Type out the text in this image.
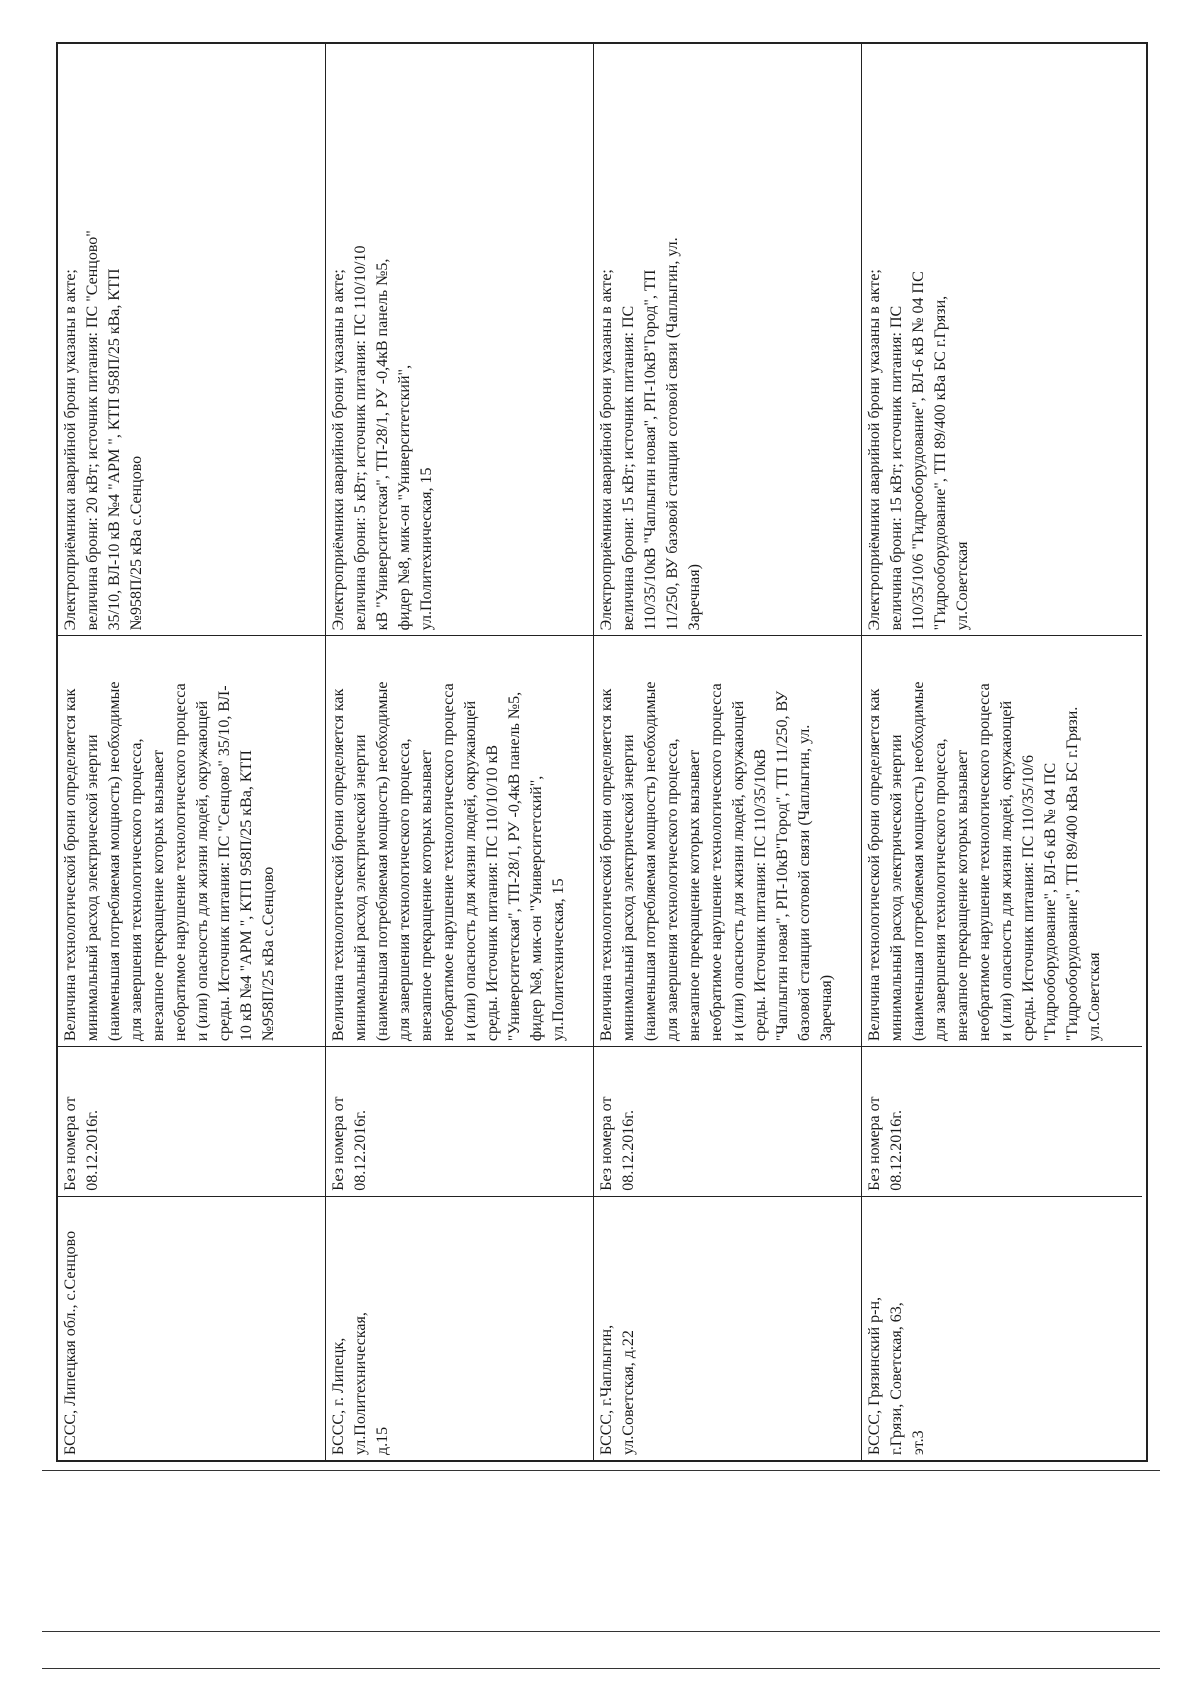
БССС, Липецкая обл., с.Сенцово
Без номера от
08.12.2016г.
Величина технологической брони определяется как
минимальный расход электрической энергии
(наименьшая потребляемая мощность) необходимые
для завершения технологического процесса,
внезапное прекращение которых вызывает
необратимое нарушение технологического процесса
и (или) опасность для жизни людей, окружающей
среды. Источник питания: ПС "Сенцово" 35/10, ВЛ-
10 кВ №4 "АРМ ", КТП 958П/25 кВа, КТП
№958П/25 кВа с.Сенцово
Электроприёмники аварийной брони указаны в акте;
величина брони: 20 кВт; источник питания: ПС "Сенцово"
35/10, ВЛ-10 кВ №4 "АРМ ", КТП 958П/25 кВа, КТП
№958П/25 кВа с.Сенцово
БССС, г. Липецк,
ул.Политехническая,
д.15
Без номера от
08.12.2016г.
Величина технологической брони определяется как
минимальный расход электрической энергии
(наименьшая потребляемая мощность) необходимые
для завершения технологического процесса,
внезапное прекращение которых вызывает
необратимое нарушение технологического процесса
и (или) опасность для жизни людей, окружающей
среды. Источник питания: ПС 110/10/10 кВ
"Университетская", ТП-28/1, РУ -0,4кВ панель №5,
фидер №8, мик-он "Университетский",
ул.Политехническая, 15
Электроприёмники аварийной брони указаны в акте;
величина брони: 5 кВт; источник питания: ПС 110/10/10
кВ "Университетская", ТП-28/1, РУ -0,4кВ панель №5,
фидер №8, мик-он "Университетский",
ул.Политехническая, 15
БССС, г.Чаплыгин,
ул.Советская, д.22
Без номера от
08.12.2016г.
Величина технологической брони определяется как
минимальный расход электрической энергии
(наименьшая потребляемая мощность) необходимые
для завершения технологического процесса,
внезапное прекращение которых вызывает
необратимое нарушение технологического процесса
и (или) опасность для жизни людей, окружающей
среды. Источник питания: ПС 110/35/10кВ
"Чаплыгин новая", РП-10кВ"Город", ТП 11/250, ВУ
базовой станции сотовой связи (Чаплыгин, ул.
Заречная)
Электроприёмники аварийной брони указаны в акте;
величина брони: 15 кВт; источник питания: ПС
110/35/10кВ "Чаплыгин новая", РП-10кВ"Город", ТП
11/250, ВУ базовой станции сотовой связи (Чаплыгин, ул.
Заречная)
БССС, Грязинский р-н,
г.Грязи, Советская, 63,
эт.3
Без номера от
08.12.2016г.
Величина технологической брони определяется как
минимальный расход электрической энергии
(наименьшая потребляемая мощность) необходимые
для завершения технологического процесса,
внезапное прекращение которых вызывает
необратимое нарушение технологического процесса
и (или) опасность для жизни людей, окружающей
среды. Источник питания: ПС 110/35/10/6
"Гидрооборудование", ВЛ-6 кВ № 04 ПС
"Гидрооборудование", ТП 89/400 кВа БС г.Грязи.
ул.Советская
Электроприёмники аварийной брони указаны в акте;
величина брони: 15 кВт; источник питания: ПС
110/35/10/6 "Гидрооборудование", ВЛ-6 кВ № 04 ПС
"Гидрооборудование", ТП 89/400 кВа БС г.Грязи,
ул.Советская
